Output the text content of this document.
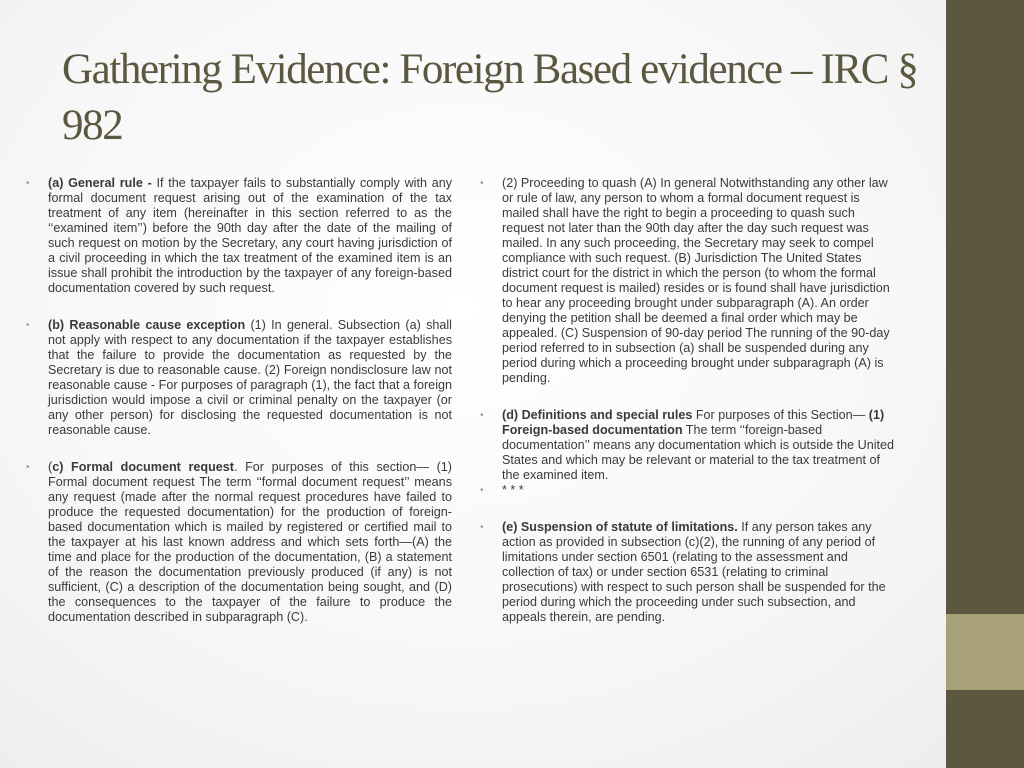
Gathering Evidence: Foreign Based evidence – IRC § 982
• (a) General rule - If the taxpayer fails to substantially comply with any formal document request arising out of the examination of the tax treatment of any item (hereinafter in this section referred to as the ‘‘examined item’’) before the 90th day after the date of the mailing of such request on motion by the Secretary, any court having jurisdiction of a civil proceeding in which the tax treatment of the examined item is an issue shall prohibit the introduction by the taxpayer of any foreign-based documentation covered by such request.
• (b) Reasonable cause exception (1) In general. Subsection (a) shall not apply with respect to any documentation if the taxpayer establishes that the failure to provide the documentation as requested by the Secretary is due to reasonable cause. (2) Foreign nondisclosure law not reasonable cause - For purposes of paragraph (1), the fact that a foreign jurisdiction would impose a civil or criminal penalty on the taxpayer (or any other person) for disclosing the requested documentation is not reasonable cause.
• (c) Formal document request. For purposes of this section— (1) Formal document request The term ‘‘formal document request’’ means any request (made after the normal request procedures have failed to produce the requested documentation) for the production of foreign-based documentation which is mailed by registered or certified mail to the taxpayer at his last known address and which sets forth—(A) the time and place for the production of the documentation, (B) a statement of the reason the documentation previously produced (if any) is not sufficient, (C) a description of the documentation being sought, and (D) the consequences to the taxpayer of the failure to produce the documentation described in subparagraph (C).
• (2) Proceeding to quash (A) In general Notwithstanding any other law or rule of law, any person to whom a formal document request is mailed shall have the right to begin a proceeding to quash such request not later than the 90th day after the day such request was mailed. In any such proceeding, the Secretary may seek to compel compliance with such request. (B) Jurisdiction The United States district court for the district in which the person (to whom the formal document request is mailed) resides or is found shall have jurisdiction to hear any proceeding brought under subparagraph (A). An order denying the petition shall be deemed a final order which may be appealed. (C) Suspension of 90-day period The running of the 90-day period referred to in subsection (a) shall be suspended during any period during which a proceeding brought under subparagraph (A) is pending.
• (d) Definitions and special rules For purposes of this Section— (1) Foreign-based documentation The term ‘‘foreign-based documentation’’ means any documentation which is outside the United States and which may be relevant or material to the tax treatment of the examined item.
• * * *
• (e) Suspension of statute of limitations. If any person takes any action as provided in subsection (c)(2), the running of any period of limitations under section 6501 (relating to the assessment and collection of tax) or under section 6531 (relating to criminal prosecutions) with respect to such person shall be suspended for the period during which the proceeding under such subsection, and appeals therein, are pending.
